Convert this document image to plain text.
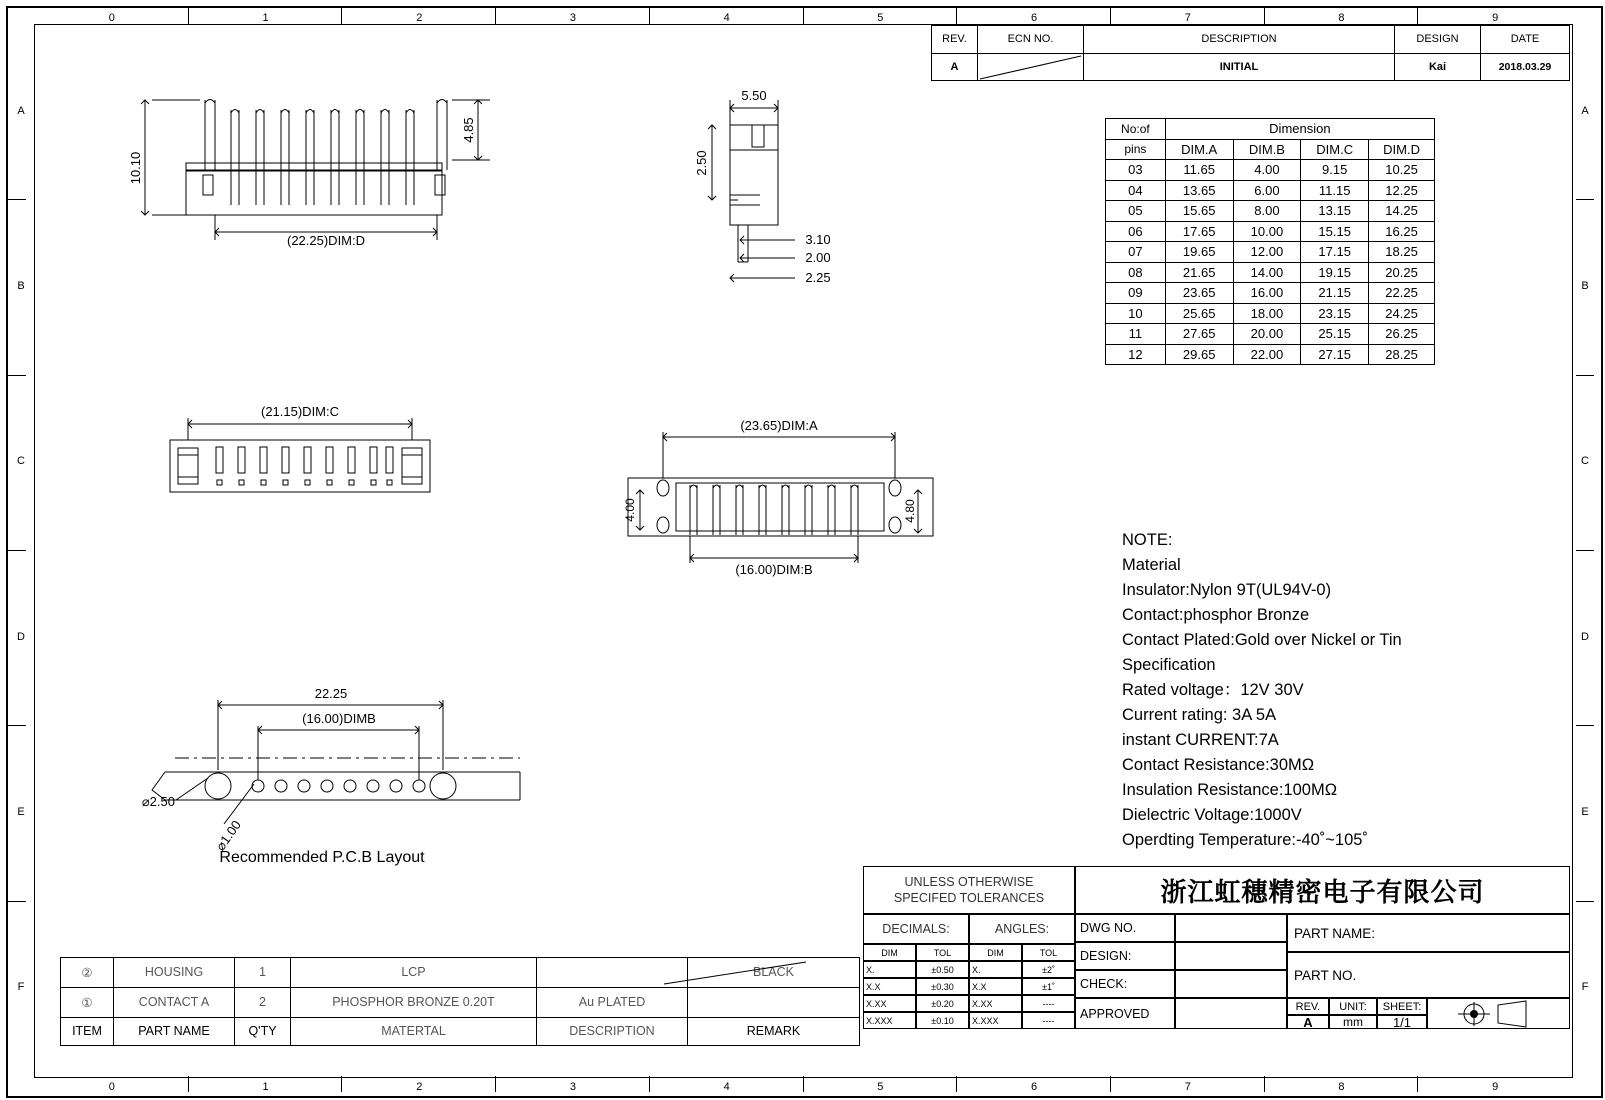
0	1	2	3	4	5	6	7	8	9
0	1	2	3	4	5	6	7	8	9
A
B
C
D
E
F
A
B
C
D
E
F
REV.	ECN NO.	DESCRIPTION	DESIGN	DATE
A		INITIAL	Kai	2018.03.29
No:of	Dimension			
pins	DIM.A	DIM.B	DIM.C	DIM.D
03	11.65	4.00	9.15	10.25
04	13.65	6.00	11.15	12.25
05	15.65	8.00	13.15	14.25
06	17.65	10.00	15.15	16.25
07	19.65	12.00	17.15	18.25
08	21.65	14.00	19.15	20.25
09	23.65	16.00	21.15	22.25
10	25.65	18.00	23.15	24.25
11	27.65	20.00	25.15	26.25
12	29.65	22.00	27.15	28.25
NOTE:
Material
Insulator:Nylon 9T(UL94V-0)
Contact:phosphor Bronze
Contact Plated:Gold over Nickel or Tin
Specification
Rated voltage：12V 30V
Current rating: 3A 5A
instant CURRENT:7A
Contact Resistance:30MΩ
Insulation Resistance:100MΩ
Dielectric Voltage:1000V
Operdting Temperature:-40˚~105˚
10.10
4.85
(22.25)DIM:D
5.50
2.50
3.10
2.00
2.25
(21.15)DIM:C
(23.65)DIM:A
(16.00)DIM:B
4.00	4.80
22.25
(16.00)DIMB
⌀2.50
⌀1.00
Recommended P.C.B Layout
②	HOUSING	1	LCP		BLACK
①	CONTACT A	2	PHOSPHOR BRONZE 0.20T	Au PLATED	
ITEM	PART NAME	Q'TY	MATERTAL	DESCRIPTION	REMARK
UNLESS OTHERWISE
SPECIFED TOLERANCES	浙江虹穗精密电子有限公司
DECIMALS:	ANGLES:
DIM	TOL	DIM	TOL
X.	±0.50	X.	±2˚
X.X	±0.30	X.X	±1˚
X.XX	±0.20	X.XX	----
X.XXX	±0.10	X.XXX	----
DWG NO.
DESIGN:
CHECK:
APPROVED
PART NAME:
PART NO.
REV.
A
UNIT:
mm
SHEET:
1/1
